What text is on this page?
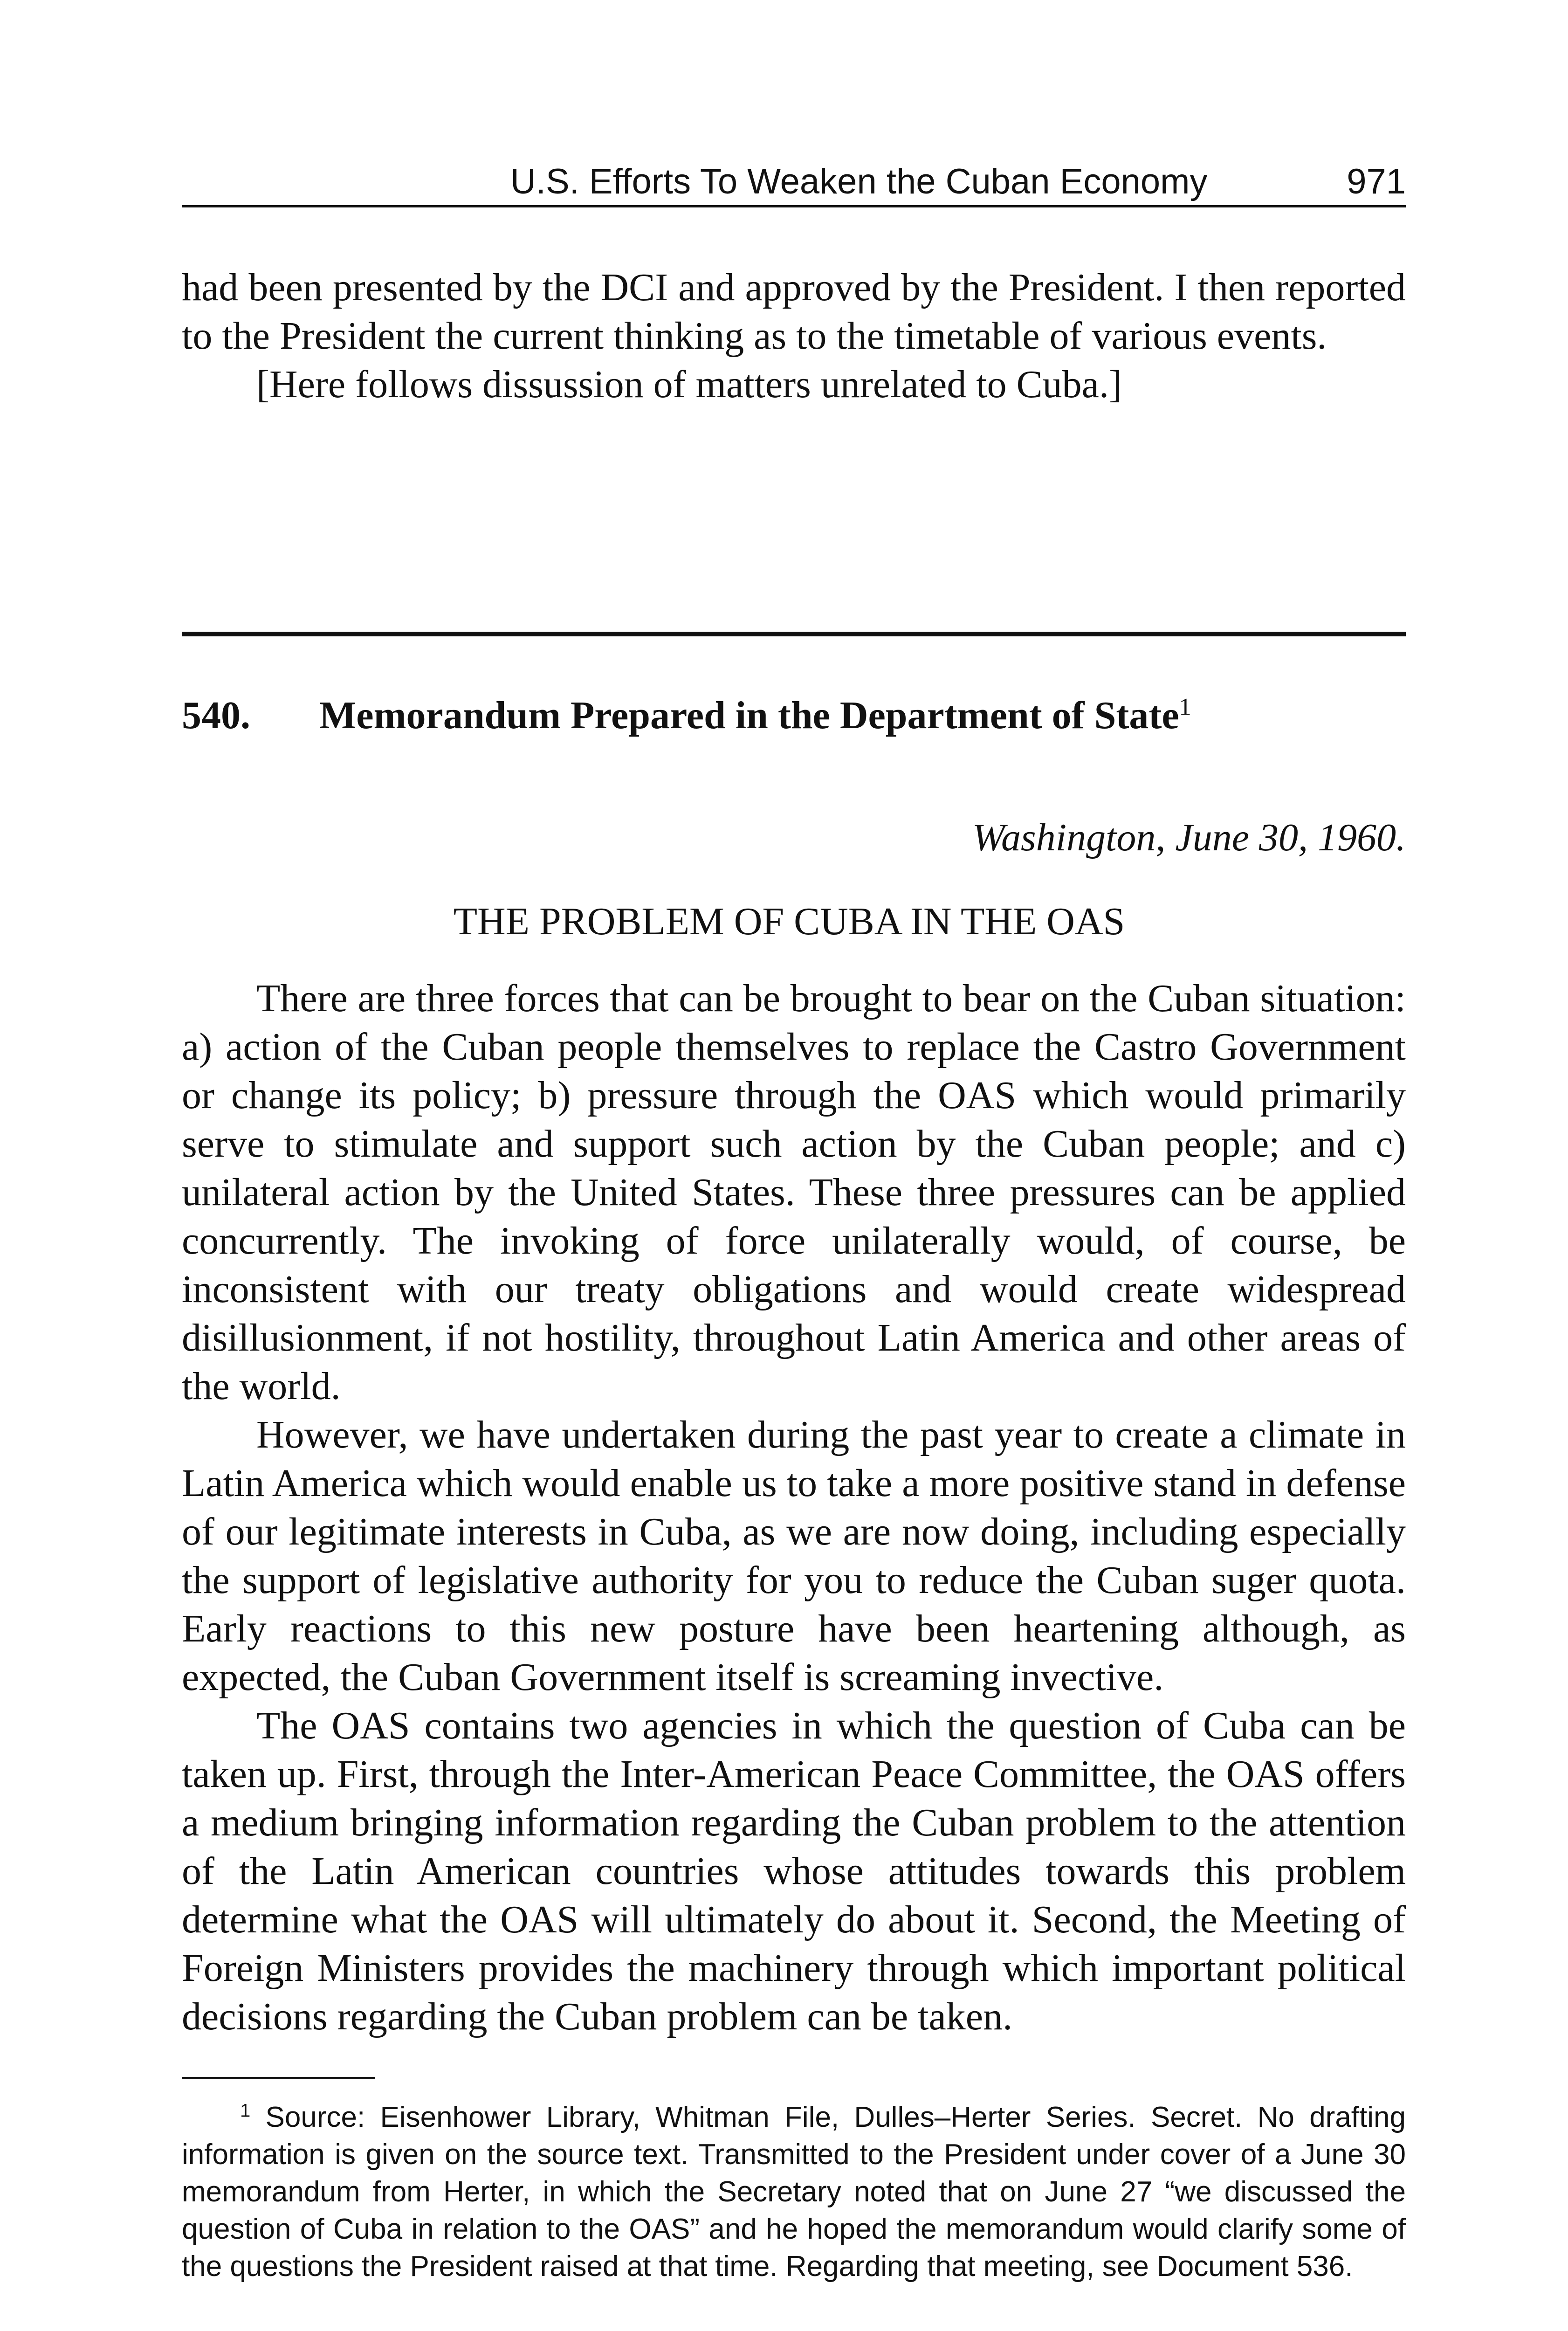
U.S. Efforts To Weaken the Cuban Economy	971

had been presented by the DCI and approved by the President. I then reported to the President the current thinking as to the timetable of various events.

[Here follows dissussion of matters unrelated to Cuba.]

540. Memorandum Prepared in the Department of State$^1$
Washington, June 30, 1960.
THE PROBLEM OF CUBA IN THE OAS

There are three forces that can be brought to bear on the Cuban situation: a) action of the Cuban people themselves to replace the Castro Government or change its policy; b) pressure through the OAS which would primarily serve to stimulate and support such action by the Cuban people; and c) unilateral action by the United States. These three pressures can be applied concurrently. The invoking of force unilaterally would, of course, be inconsistent with our treaty obligations and would create widespread disillusionment, if not hostility, throughout Latin America and other areas of the world.

However, we have undertaken during the past year to create a climate in Latin America which would enable us to take a more positive stand in defense of our legitimate interests in Cuba, as we are now doing, including especially the support of legislative authority for you to reduce the Cuban suger quota. Early reactions to this new posture have been heartening although, as expected, the Cuban Government itself is screaming invective.

The OAS contains two agencies in which the question of Cuba can be taken up. First, through the Inter-American Peace Committee, the OAS offers a medium bringing information regarding the Cuban problem to the attention of the Latin American countries whose attitudes towards this problem determine what the OAS will ultimately do about it. Second, the Meeting of Foreign Ministers provides the machinery through which important political decisions regarding the Cuban problem can be taken.

$^1$ Source: Eisenhower Library, Whitman File, Dulles–Herter Series. Secret. No drafting information is given on the source text. Transmitted to the President under cover of a June 30 memorandum from Herter, in which the Secretary noted that on June 27 “we discussed the question of Cuba in relation to the OAS” and he hoped the memorandum would clarify some of the questions the President raised at that time. Regarding that meeting, see Document 536.
